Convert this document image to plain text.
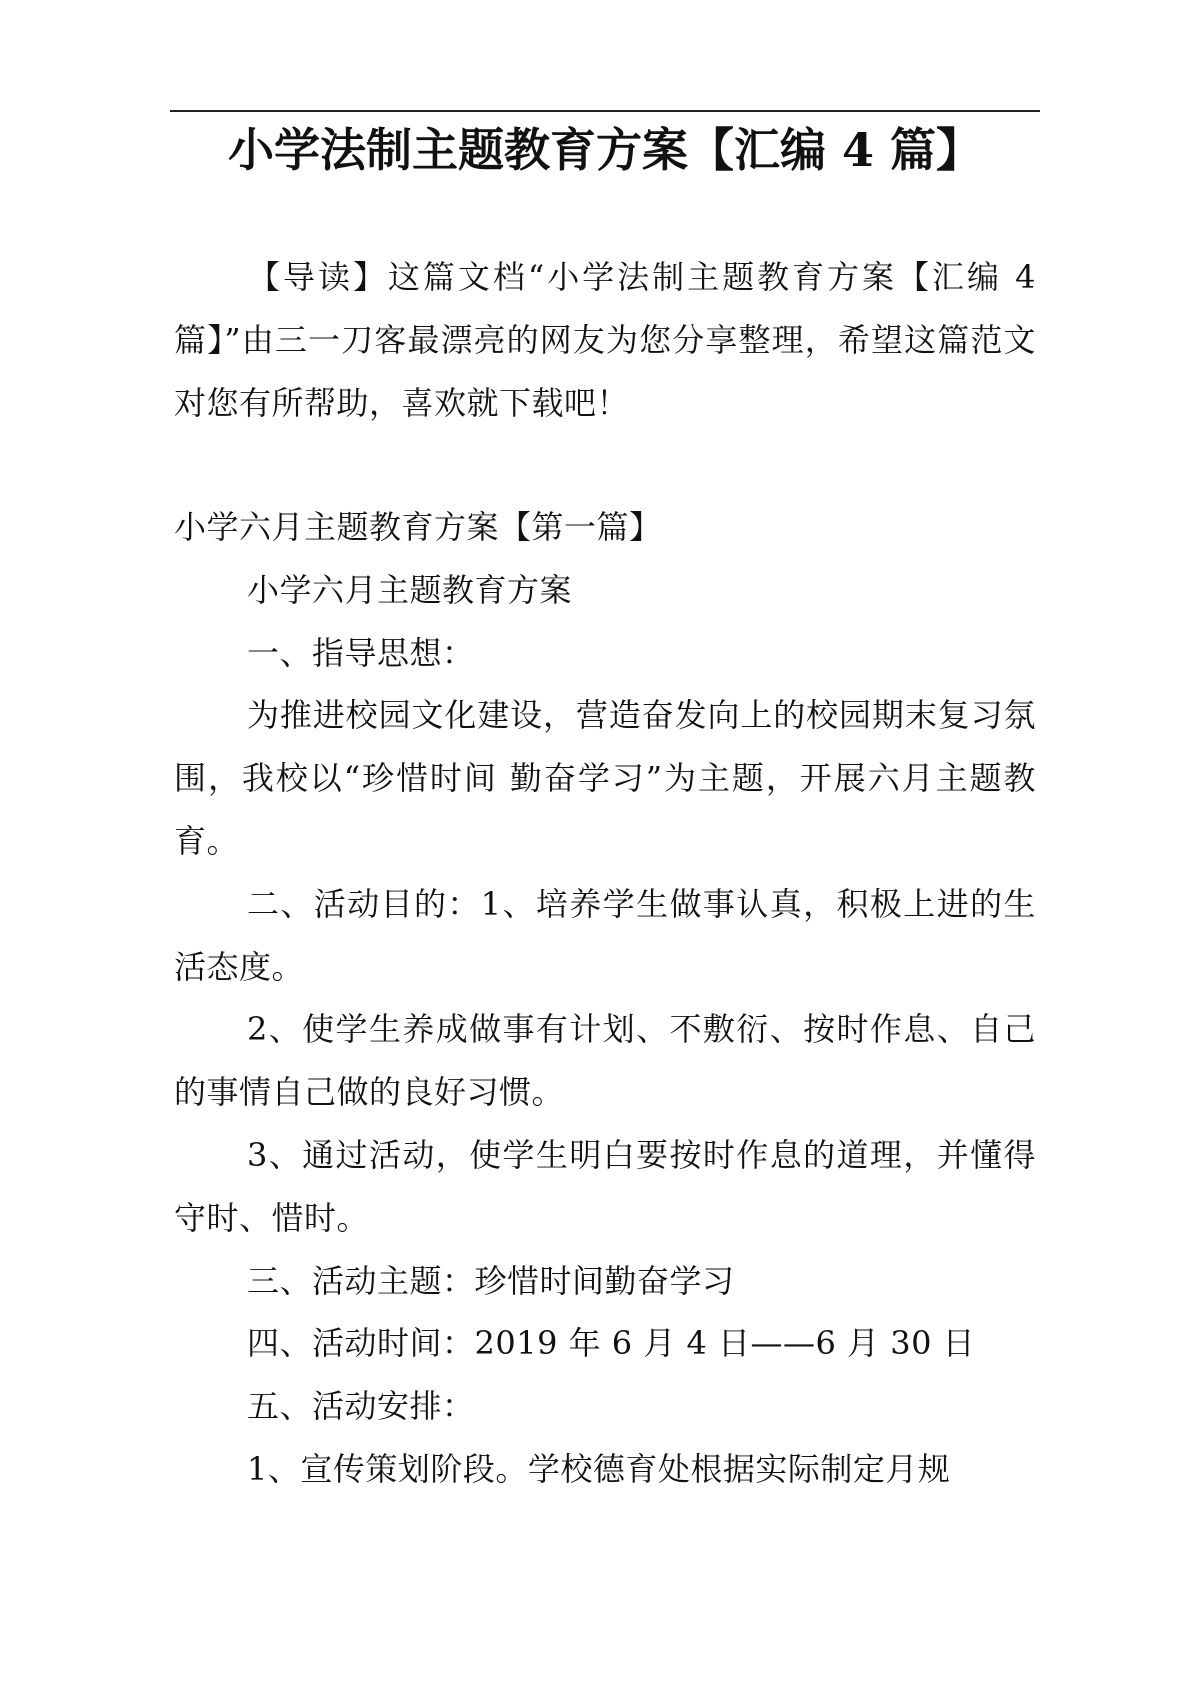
小学法制主题教育方案【汇编 4 篇】

【导读】这篇文档“小学法制主题教育方案【汇编 4 篇】”由三一刀客最漂亮的网友为您分享整理，希望这篇范文对您有所帮助，喜欢就下载吧！

小学六月主题教育方案【第一篇】

小学六月主题教育方案

一、指导思想：

为推进校园文化建设，营造奋发向上的校园期末复习氛围，我校以“珍惜时间 勤奋学习”为主题，开展六月主题教育。

二、活动目的：1、培养学生做事认真，积极上进的生活态度。

2、使学生养成做事有计划、不敷衍、按时作息、自己的事情自己做的良好习惯。

3、通过活动，使学生明白要按时作息的道理，并懂得守时、惜时。

三、活动主题：珍惜时间勤奋学习

四、活动时间：2019 年 6 月 4 日——6 月 30 日

五、活动安排：

1、宣传策划阶段。学校德育处根据实际制定月规
